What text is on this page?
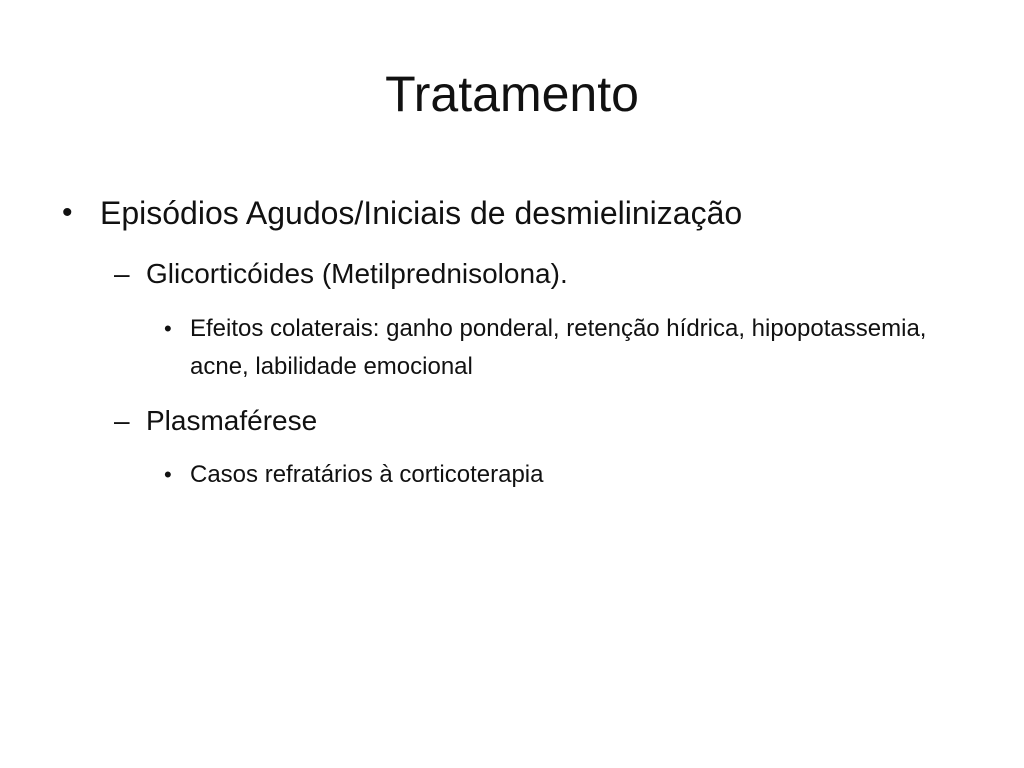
Tratamento
• Episódios Agudos/Iniciais de desmielinização
– Glicorticóides (Metilprednisolona).
• Efeitos colaterais: ganho ponderal, retenção hídrica, hipopotassemia, acne, labilidade emocional
– Plasmaférese
• Casos refratários à corticoterapia
